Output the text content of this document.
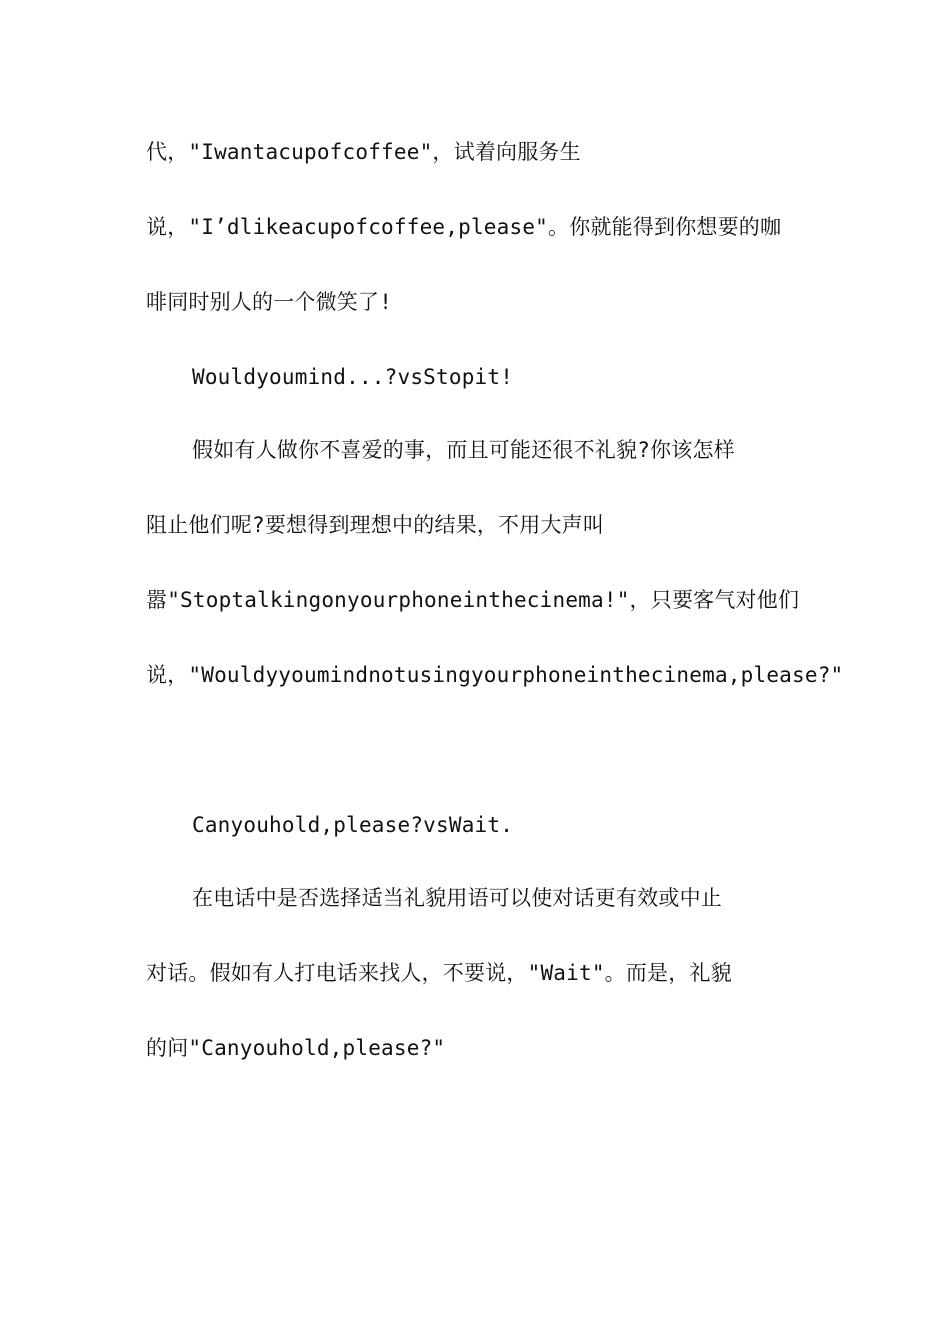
代，"Iwantacupofcoffee"，试着向服务生
说，"I’dlikeacupofcoffee,please"。你就能得到你想要的咖
啡同时别人的一个微笑了!
Wouldyoumind...?vsStopit!
假如有人做你不喜爱的事，而且可能还很不礼貌?你该怎样
阻止他们呢?要想得到理想中的结果，不用大声叫
嚣"Stoptalkingonyourphoneinthecinema!"，只要客气对他们
说，"Wouldyyoumindnotusingyourphoneinthecinema,please?"
Canyouhold,please?vsWait.
在电话中是否选择适当礼貌用语可以使对话更有效或中止
对话。假如有人打电话来找人，不要说，"Wait"。而是，礼貌
的问"Canyouhold,please?"
